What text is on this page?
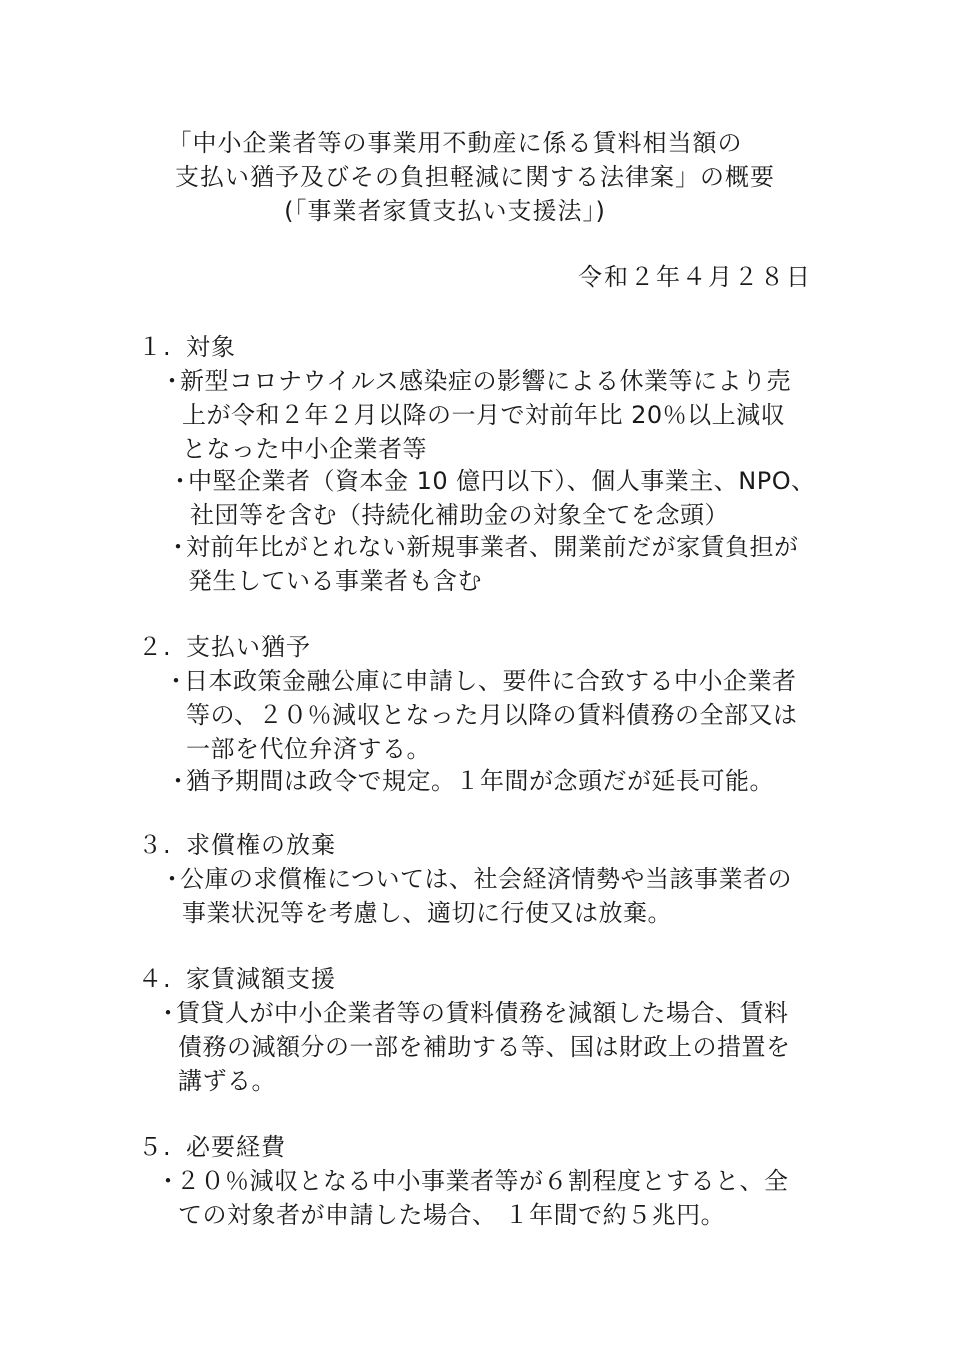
「中小企業者等の事業用不動産に係る賃料相当額の
支払い猶予及びその負担軽減に関する法律案」の概要
(「事業者家賃支払い支援法」)
令和２年４月２８日
１. 対象
・
新型コロナウイルス感染症の影響による休業等により売
上が令和２年２月以降の一月で対前年比 20％以上減収
となった中小企業者等
・
中堅企業者（資本金 10 億円以下）、個人事業主、NPO、
社団等を含む（持続化補助金の対象全てを念頭）
・
対前年比がとれない新規事業者、開業前だが家賃負担が
発生している事業者も含む
２. 支払い猶予
・
日本政策金融公庫に申請し、要件に合致する中小企業者
等の、２０％減収となった月以降の賃料債務の全部又は
一部を代位弁済する。
・
猶予期間は政令で規定。１年間が念頭だが延長可能。
３. 求償権の放棄
・
公庫の求償権については、社会経済情勢や当該事業者の
事業状況等を考慮し、適切に行使又は放棄。
４. 家賃減額支援
・
賃貸人が中小企業者等の賃料債務を減額した場合、賃料
債務の減額分の一部を補助する等、国は財政上の措置を
講ずる。
５. 必要経費
・
２０％減収となる中小事業者等が６割程度とすると、全
ての対象者が申請した場合、 １年間で約５兆円。
